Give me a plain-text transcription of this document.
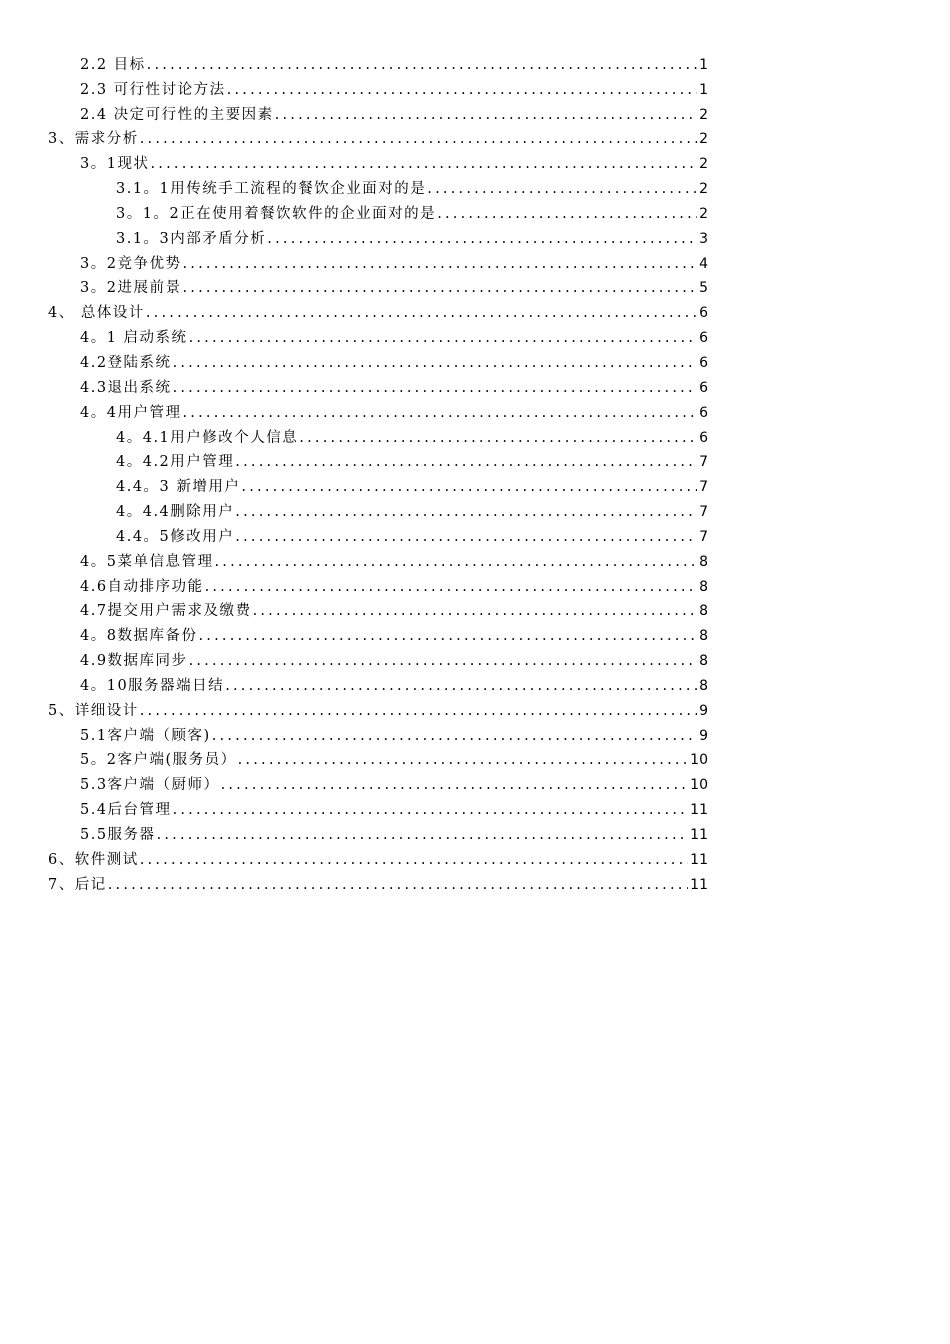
2.2 目标 .....	1
2.3 可行性讨论方法 .....	1
2.4 决定可行性的主要因素 .....	2
3、需求分析 .....	2
3。1现状 .....	2
3.1。1用传统手工流程的餐饮企业面对的是 .....	2
3。1。2正在使用着餐饮软件的企业面对的是 .....	2
3.1。3内部矛盾分析 .....	3
3。2竞争优势 .....	4
3。2进展前景 .....	5
4、 总体设计 .....	6
4。1 启动系统 .....	6
4.2登陆系统 .....	6
4.3退出系统 .....	6
4。4用户管理 .....	6
4。4.1用户修改个人信息 .....	6
4。4.2用户管理 .....	7
4.4。3 新增用户 .....	7
4。4.4删除用户 .....	7
4.4。5修改用户 .....	7
4。5菜单信息管理 .....	8
4.6自动排序功能 .....	8
4.7提交用户需求及缴费 .....	8
4。8数据库备份 .....	8
4.9数据库同步 .....	8
4。10服务器端日结 .....	8
5、详细设计 .....	9
5.1客户端（顾客) .....	9
5。2客户端(服务员） .....	10
5.3客户端（厨师） .....	10
5.4后台管理 .....	11
5.5服务器 .....	11
6、软件测试 .....	11
7、后记 .....	11
